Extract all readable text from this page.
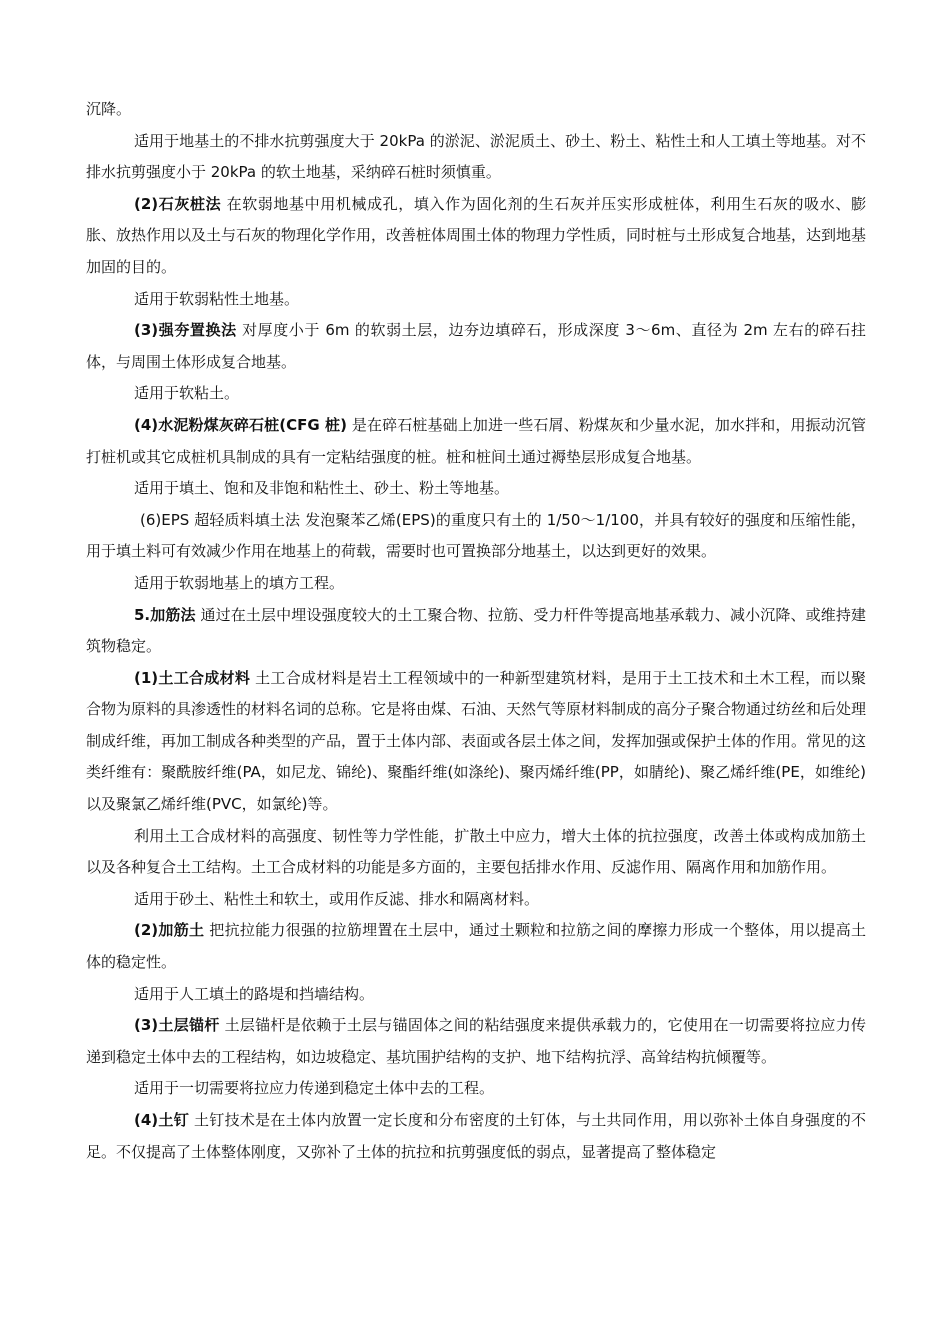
沉降。

适用于地基土的不排水抗剪强度大于 20kPa 的淤泥、淤泥质土、砂土、粉土、粘性土和人工填土等地基。对不排水抗剪强度小于 20kPa 的软土地基，采纳碎石桩时须慎重。

(2)石灰桩法 在软弱地基中用机械成孔，填入作为固化剂的生石灰并压实形成桩体，利用生石灰的吸水、膨胀、放热作用以及土与石灰的物理化学作用，改善桩体周围土体的物理力学性质，同时桩与土形成复合地基，达到地基加固的目的。

适用于软弱粘性土地基。

(3)强夯置换法 对厚度小于 6m 的软弱土层，边夯边填碎石，形成深度 3～6m、直径为 2m 左右的碎石拄体，与周围土体形成复合地基。

适用于软粘土。

(4)水泥粉煤灰碎石桩(CFG 桩) 是在碎石桩基础上加进一些石屑、粉煤灰和少量水泥，加水拌和，用振动沉管打桩机或其它成桩机具制成的具有一定粘结强度的桩。桩和桩间土通过褥垫层形成复合地基。

适用于填土、饱和及非饱和粘性土、砂土、粉土等地基。

(6)EPS 超轻质料填土法 发泡聚苯乙烯(EPS)的重度只有土的 1/50～1/100，并具有较好的强度和压缩性能，用于填土料可有效减少作用在地基上的荷载，需要时也可置换部分地基土，以达到更好的效果。

适用于软弱地基上的填方工程。

5.加筋法 通过在土层中埋设强度较大的土工聚合物、拉筋、受力杆件等提高地基承载力、减小沉降、或维持建筑物稳定。

(1)土工合成材料 土工合成材料是岩土工程领域中的一种新型建筑材料，是用于土工技术和土木工程，而以聚合物为原料的具渗透性的材料名词的总称。它是将由煤、石油、天然气等原材料制成的高分子聚合物通过纺丝和后处理制成纤维，再加工制成各种类型的产品，置于土体内部、表面或各层土体之间，发挥加强或保护土体的作用。常见的这类纤维有：聚酰胺纤维(PA，如尼龙、锦纶)、聚酯纤维(如涤纶)、聚丙烯纤维(PP，如腈纶)、聚乙烯纤维(PE，如维纶)以及聚氯乙烯纤维(PVC，如氯纶)等。

利用土工合成材料的高强度、韧性等力学性能，扩散土中应力，增大土体的抗拉强度，改善土体或构成加筋土以及各种复合土工结构。土工合成材料的功能是多方面的，主要包括排水作用、反滤作用、隔离作用和加筋作用。

适用于砂土、粘性土和软土，或用作反滤、排水和隔离材料。

(2)加筋土 把抗拉能力很强的拉筋埋置在土层中，通过土颗粒和拉筋之间的摩擦力形成一个整体，用以提高土体的稳定性。

适用于人工填土的路堤和挡墙结构。

(3)土层锚杆 土层锚杆是依赖于土层与锚固体之间的粘结强度来提供承载力的，它使用在一切需要将拉应力传递到稳定土体中去的工程结构，如边坡稳定、基坑围护结构的支护、地下结构抗浮、高耸结构抗倾覆等。

适用于一切需要将拉应力传递到稳定土体中去的工程。

(4)土钉 土钉技术是在土体内放置一定长度和分布密度的土钉体，与土共同作用，用以弥补土体自身强度的不足。不仅提高了土体整体刚度，又弥补了土体的抗拉和抗剪强度低的弱点，显著提高了整体稳定
